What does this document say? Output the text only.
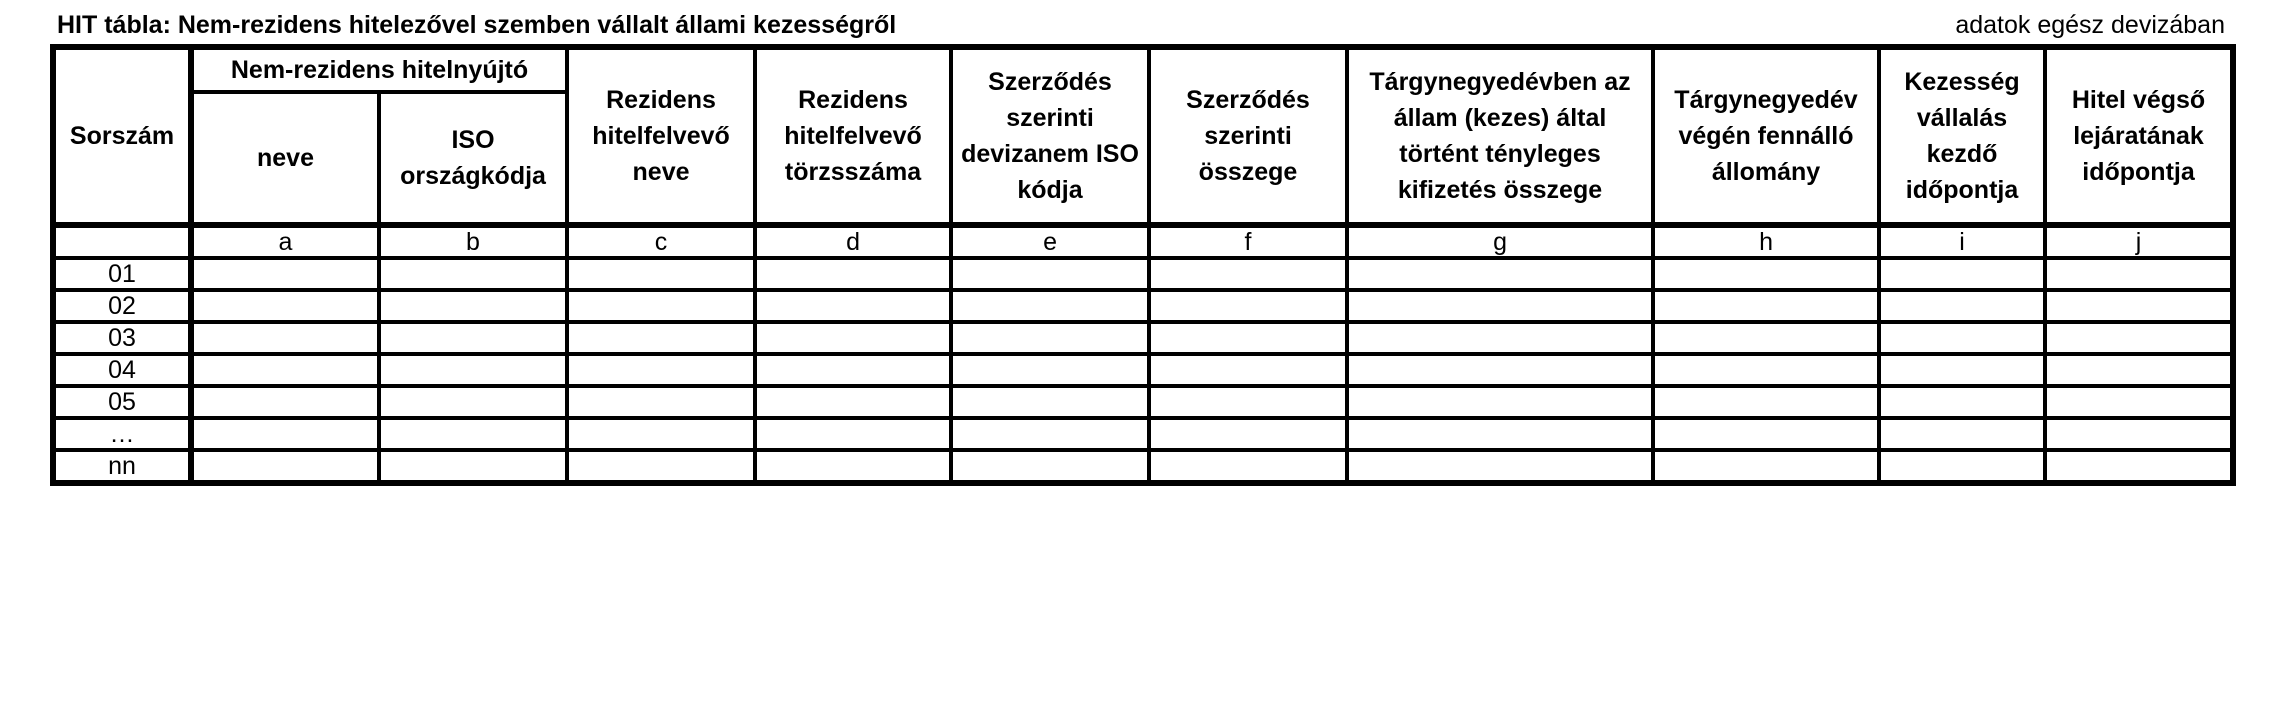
HIT tábla: Nem-rezidens hitelezővel szemben vállalt állami kezességről	adatok egész devizában
Sorszám	Nem-rezidens hitelnyújtó		Rezidens hitelfelvevő neve	Rezidens hitelfelvevő törzsszáma	Szerződés szerinti devizanem ISO kódja	Szerződés szerinti összege	Tárgynegyedévben az állam (kezes) által történt tényleges kifizetés összege	Tárgynegyedév végén fennálló állomány	Kezesség vállalás kezdő időpontja	Hitel végső lejáratának időpontja
	neve	ISO országkódja								
	a	b	c	d	e	f	g	h	i	j
01										
02										
03										
04										
05										
…										
nn										
